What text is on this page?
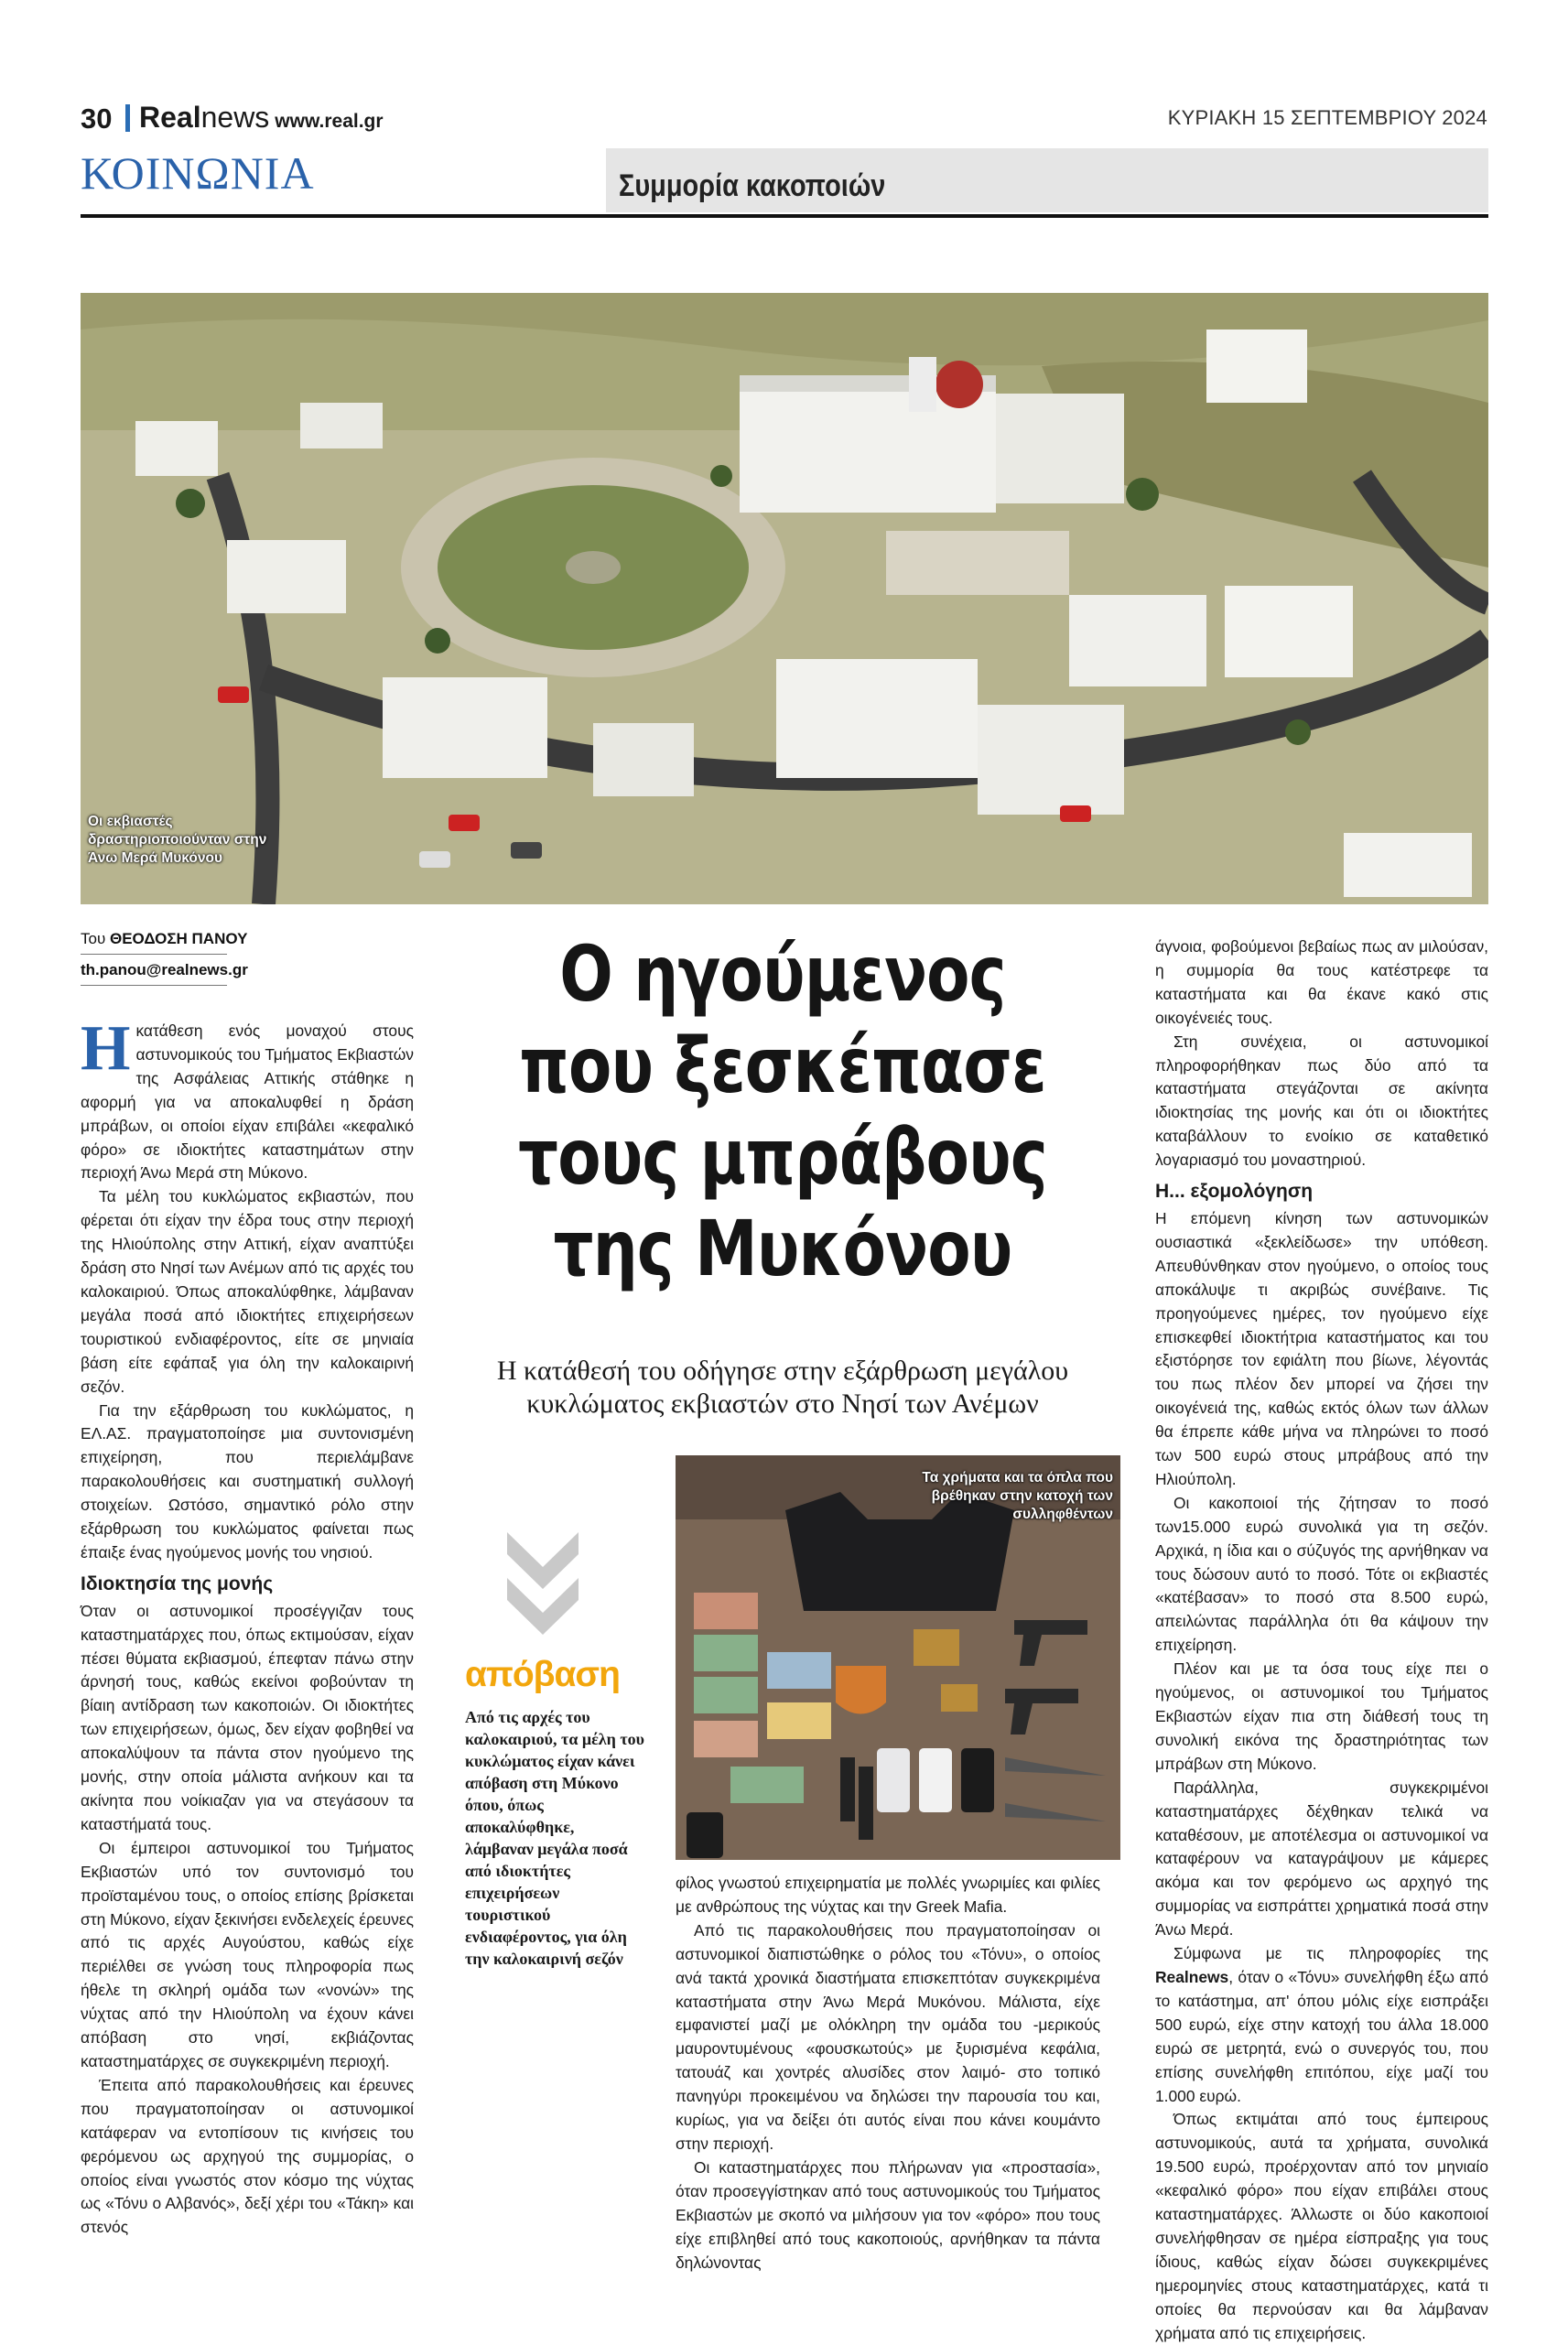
30 Realnews www.real.gr	ΚΥΡΙΑΚΗ 15 ΣΕΠΤΕΜΒΡΙΟΥ 2024
ΚΟΙΝΩΝΙΑ	Συμμορία κακοποιών
Οι εκβιαστές δραστηριοποιούνταν στην Άνω Μερά Μυκόνου
Του ΘΕΟΔΟΣΗ ΠΑΝΟΥ
th.panou@realnews.gr

Η κατάθεση ενός μοναχού στους αστυνομικούς του Τμήματος Εκβιαστών της Ασφάλειας Αττικής στάθηκε η αφορμή για να αποκαλυφθεί η δράση μπράβων, οι οποίοι είχαν επιβάλει «κεφαλικό φόρο» σε ιδιοκτήτες καταστημάτων στην περιοχή Άνω Μερά στη Μύκονο.

Τα μέλη του κυκλώματος εκβιαστών, που φέρεται ότι είχαν την έδρα τους στην περιοχή της Ηλιούπολης στην Αττική, είχαν αναπτύξει δράση στο Νησί των Ανέμων από τις αρχές του καλοκαιριού. Όπως αποκαλύφθηκε, λάμβαναν μεγάλα ποσά από ιδιοκτήτες επιχειρήσεων τουριστικού ενδιαφέροντος, είτε σε μηνιαία βάση είτε εφάπαξ για όλη την καλοκαιρινή σεζόν.

Για την εξάρθρωση του κυκλώματος, η ΕΛ.ΑΣ. πραγματοποίησε μια συντονισμένη επιχείρηση, που περιελάμβανε παρακολουθήσεις και συστηματική συλλογή στοιχείων. Ωστόσο, σημαντικό ρόλο στην εξάρθρωση του κυκλώματος φαίνεται πως έπαιξε ένας ηγούμενος μονής του νησιού.

Ιδιοκτησία της μονής

Όταν οι αστυνομικοί προσέγγιζαν τους καταστηματάρχες που, όπως εκτιμούσαν, είχαν πέσει θύματα εκβιασμού, έπεφταν πάνω στην άρνησή τους, καθώς εκείνοι φοβούνταν τη βίαιη αντίδραση των κακοποιών. Οι ιδιοκτήτες των επιχειρήσεων, όμως, δεν είχαν φοβηθεί να αποκαλύψουν τα πάντα στον ηγούμενο της μονής, στην οποία μάλιστα ανήκουν και τα ακίνητα που νοίκιαζαν για να στεγάσουν τα καταστήματά τους.

Οι έμπειροι αστυνομικοί του Τμήματος Εκβιαστών υπό τον συντονισμό του προϊσταμένου τους, ο οποίος επίσης βρίσκεται στη Μύκονο, είχαν ξεκινήσει ενδελεχείς έρευνες από τις αρχές Αυγούστου, καθώς είχε περιέλθει σε γνώση τους πληροφορία πως ήθελε τη σκληρή ομάδα των «νονών» της νύχτας από την Ηλιούπολη να έχουν κάνει απόβαση στο νησί, εκβιάζοντας καταστηματάρχες σε συγκεκριμένη περιοχή.

Έπειτα από παρακολουθήσεις και έρευνες που πραγματοποίησαν οι αστυνομικοί κατάφεραν να εντοπίσουν τις κινήσεις του φερόμενου ως αρχηγού της συμμορίας, ο οποίος είναι γνωστός στον κόσμο της νύχτας ως «Τόνυ ο Αλβανός», δεξί χέρι του «Τάκη» και στενός

Ο ηγούμενος
που ξεσκέπασε
τους μπράβους
της Μυκόνου
Η κατάθεσή του οδήγησε στην εξάρθρωση μεγάλου κυκλώματος εκβιαστών στο Νησί των Ανέμων
απόβαση
Από τις αρχές του καλοκαιριού, τα μέλη του κυκλώματος είχαν κάνει απόβαση στη Μύκονο όπου, όπως αποκαλύφθηκε, λάμβαναν μεγάλα ποσά από ιδιοκτήτες επιχειρήσεων τουριστικού ενδιαφέροντος, για όλη την καλοκαιρινή σεζόν
Τα χρήματα και τα όπλα που βρέθηκαν στην κατοχή των συλληφθέντων

φίλος γνωστού επιχειρηματία με πολλές γνωριμίες και φιλίες με ανθρώπους της νύχτας και την Greek Mafia.

Από τις παρακολουθήσεις που πραγματοποίησαν οι αστυνομικοί διαπιστώθηκε ο ρόλος του «Τόνυ», ο οποίος ανά τακτά χρονικά διαστήματα επισκεπτόταν συγκεκριμένα καταστήματα στην Άνω Μερά Μυκόνου. Μάλιστα, είχε εμφανιστεί μαζί με ολόκληρη την ομάδα του -μερικούς μαυροντυμένους «φουσκωτούς» με ξυρισμένα κεφάλια, τατουάζ και χοντρές αλυσίδες στον λαιμό- στο τοπικό πανηγύρι προκειμένου να δηλώσει την παρουσία του και, κυρίως, για να δείξει ότι αυτός είναι που κάνει κουμάντο στην περιοχή.

Οι καταστηματάρχες που πλήρωναν για «προστασία», όταν προσεγγίστηκαν από τους αστυνομικούς του Τμήματος Εκβιαστών με σκοπό να μιλήσουν για τον «φόρο» που τους είχε επιβληθεί από τους κακοποιούς, αρνήθηκαν τα πάντα δηλώνοντας

άγνοια, φοβούμενοι βεβαίως πως αν μιλούσαν, η συμμορία θα τους κατέστρεφε τα καταστήματα και θα έκανε κακό στις οικογένειές τους.

Στη συνέχεια, οι αστυνομικοί πληροφορήθηκαν πως δύο από τα καταστήματα στεγάζονται σε ακίνητα ιδιοκτησίας της μονής και ότι οι ιδιοκτήτες καταβάλλουν το ενοίκιο σε καταθετικό λογαριασμό του μοναστηριού.

Η... εξομολόγηση

Η επόμενη κίνηση των αστυνομικών ουσιαστικά «ξεκλείδωσε» την υπόθεση. Απευθύνθηκαν στον ηγούμενο, ο οποίος τους αποκάλυψε τι ακριβώς συνέβαινε. Τις προηγούμενες ημέρες, τον ηγούμενο είχε επισκεφθεί ιδιοκτήτρια καταστήματος και του εξιστόρησε τον εφιάλτη που βίωνε, λέγοντάς του πως πλέον δεν μπορεί να ζήσει την οικογένειά της, καθώς εκτός όλων των άλλων θα έπρεπε κάθε μήνα να πληρώνει το ποσό των 500 ευρώ στους μπράβους από την Ηλιούπολη.

Οι κακοποιοί τής ζήτησαν το ποσό των15.000 ευρώ συνολικά για τη σεζόν. Αρχικά, η ίδια και ο σύζυγός της αρνήθηκαν να τους δώσουν αυτό το ποσό. Τότε οι εκβιαστές «κατέβασαν» το ποσό στα 8.500 ευρώ, απειλώντας παράλληλα ότι θα κάψουν την επιχείρηση.

Πλέον και με τα όσα τους είχε πει ο ηγούμενος, οι αστυνομικοί του Τμήματος Εκβιαστών είχαν πια στη διάθεσή τους τη συνολική εικόνα της δραστηριότητας των μπράβων στη Μύκονο.

Παράλληλα, συγκεκριμένοι καταστηματάρχες δέχθηκαν τελικά να καταθέσουν, με αποτέλεσμα οι αστυνομικοί να καταφέρουν να καταγράψουν με κάμερες ακόμα και τον φερόμενο ως αρχηγό της συμμορίας να εισπράττει χρηματικά ποσά στην Άνω Μερά.

Σύμφωνα με τις πληροφορίες της Realnews, όταν ο «Τόνυ» συνελήφθη έξω από το κατάστημα, απ' όπου μόλις είχε εισπράξει 500 ευρώ, είχε στην κατοχή του άλλα 18.000 ευρώ σε μετρητά, ενώ ο συνεργός του, που επίσης συνελήφθη επιτόπου, είχε μαζί του 1.000 ευρώ.

Όπως εκτιμάται από τους έμπειρους αστυνομικούς, αυτά τα χρήματα, συνολικά 19.500 ευρώ, προέρχονταν από τον μηνιαίο «κεφαλικό φόρο» που είχαν επιβάλει στους καταστηματάρχες. Άλλωστε οι δύο κακοποιοί συνελήφθησαν σε ημέρα είσπραξης για τους ίδιους, καθώς είχαν δώσει συγκεκριμένες ημερομηνίες στους καταστηματάρχες, κατά τι οποίες θα περνούσαν και θα λάμβαναν χρήματα από τις επιχειρήσεις.
